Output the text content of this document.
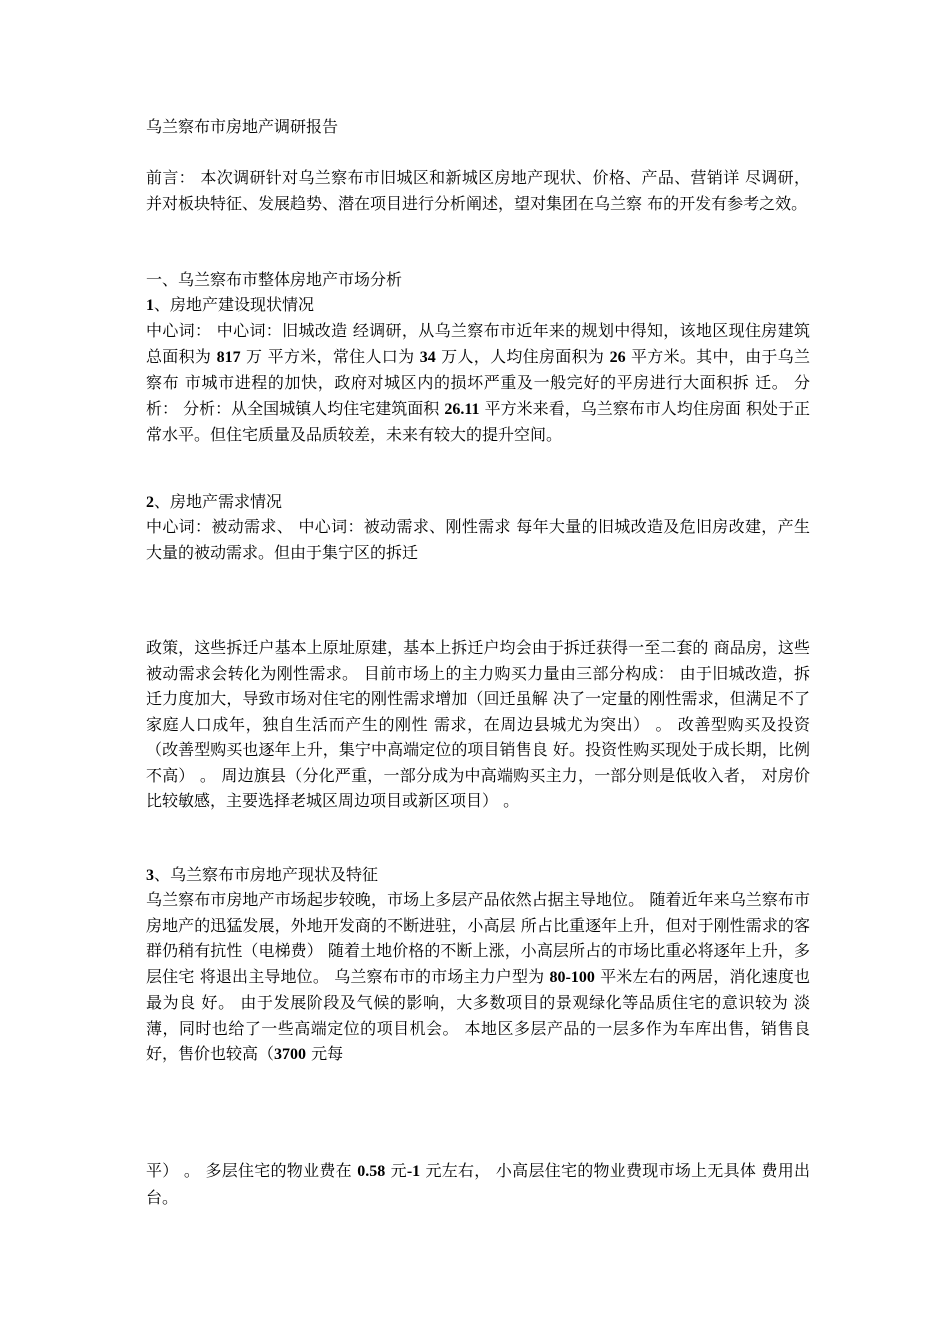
乌兰察布市房地产调研报告

前言： 本次调研针对乌兰察布市旧城区和新城区房地产现状、价格、产品、营销详 尽调研，并对板块特征、发展趋势、潜在项目进行分析阐述，望对集团在乌兰察 布的开发有参考之效。

一、乌兰察布市整体房地产市场分析

1、房地产建设现状情况

中心词： 中心词：旧城改造 经调研，从乌兰察布市近年来的规划中得知，该地区现住房建筑总面积为 817 万 平方米，常住人口为 34 万人，人均住房面积为 26 平方米。其中，由于乌兰察布 市城市进程的加快，政府对城区内的损坏严重及一般完好的平房进行大面积拆 迁。 分析： 分析：从全国城镇人均住宅建筑面积 26.11 平方米来看，乌兰察布市人均住房面 积处于正常水平。但住宅质量及品质较差，未来有较大的提升空间。

2、房地产需求情况

中心词：被动需求、 中心词：被动需求、刚性需求 每年大量的旧城改造及危旧房改建，产生大量的被动需求。但由于集宁区的拆迁

政策，这些拆迁户基本上原址原建，基本上拆迁户均会由于拆迁获得一至二套的 商品房，这些被动需求会转化为刚性需求。 目前市场上的主力购买力量由三部分构成： 由于旧城改造，拆迁力度加大，导致市场对住宅的刚性需求增加（回迁虽解 决了一定量的刚性需求，但满足不了家庭人口成年，独自生活而产生的刚性 需求，在周边县城尤为突出） 。 改善型购买及投资（改善型购买也逐年上升，集宁中高端定位的项目销售良 好。投资性购买现处于成长期，比例不高） 。 周边旗县（分化严重，一部分成为中高端购买主力，一部分则是低收入者， 对房价比较敏感，主要选择老城区周边项目或新区项目） 。

3、乌兰察布市房地产现状及特征

乌兰察布市房地产市场起步较晚，市场上多层产品依然占据主导地位。 随着近年来乌兰察布市房地产的迅猛发展，外地开发商的不断进驻，小高层 所占比重逐年上升，但对于刚性需求的客群仍稍有抗性（电梯费） 随着土地价格的不断上涨，小高层所占的市场比重必将逐年上升，多层住宅 将退出主导地位。 乌兰察布市的市场主力户型为 80-100 平米左右的两居，消化速度也最为良 好。 由于发展阶段及气候的影响，大多数项目的景观绿化等品质住宅的意识较为 淡薄，同时也给了一些高端定位的项目机会。 本地区多层产品的一层多作为车库出售，销售良好，售价也较高（3700 元每

平） 。 多层住宅的物业费在 0.58 元-1 元左右， 小高层住宅的物业费现市场上无具体 费用出台。
